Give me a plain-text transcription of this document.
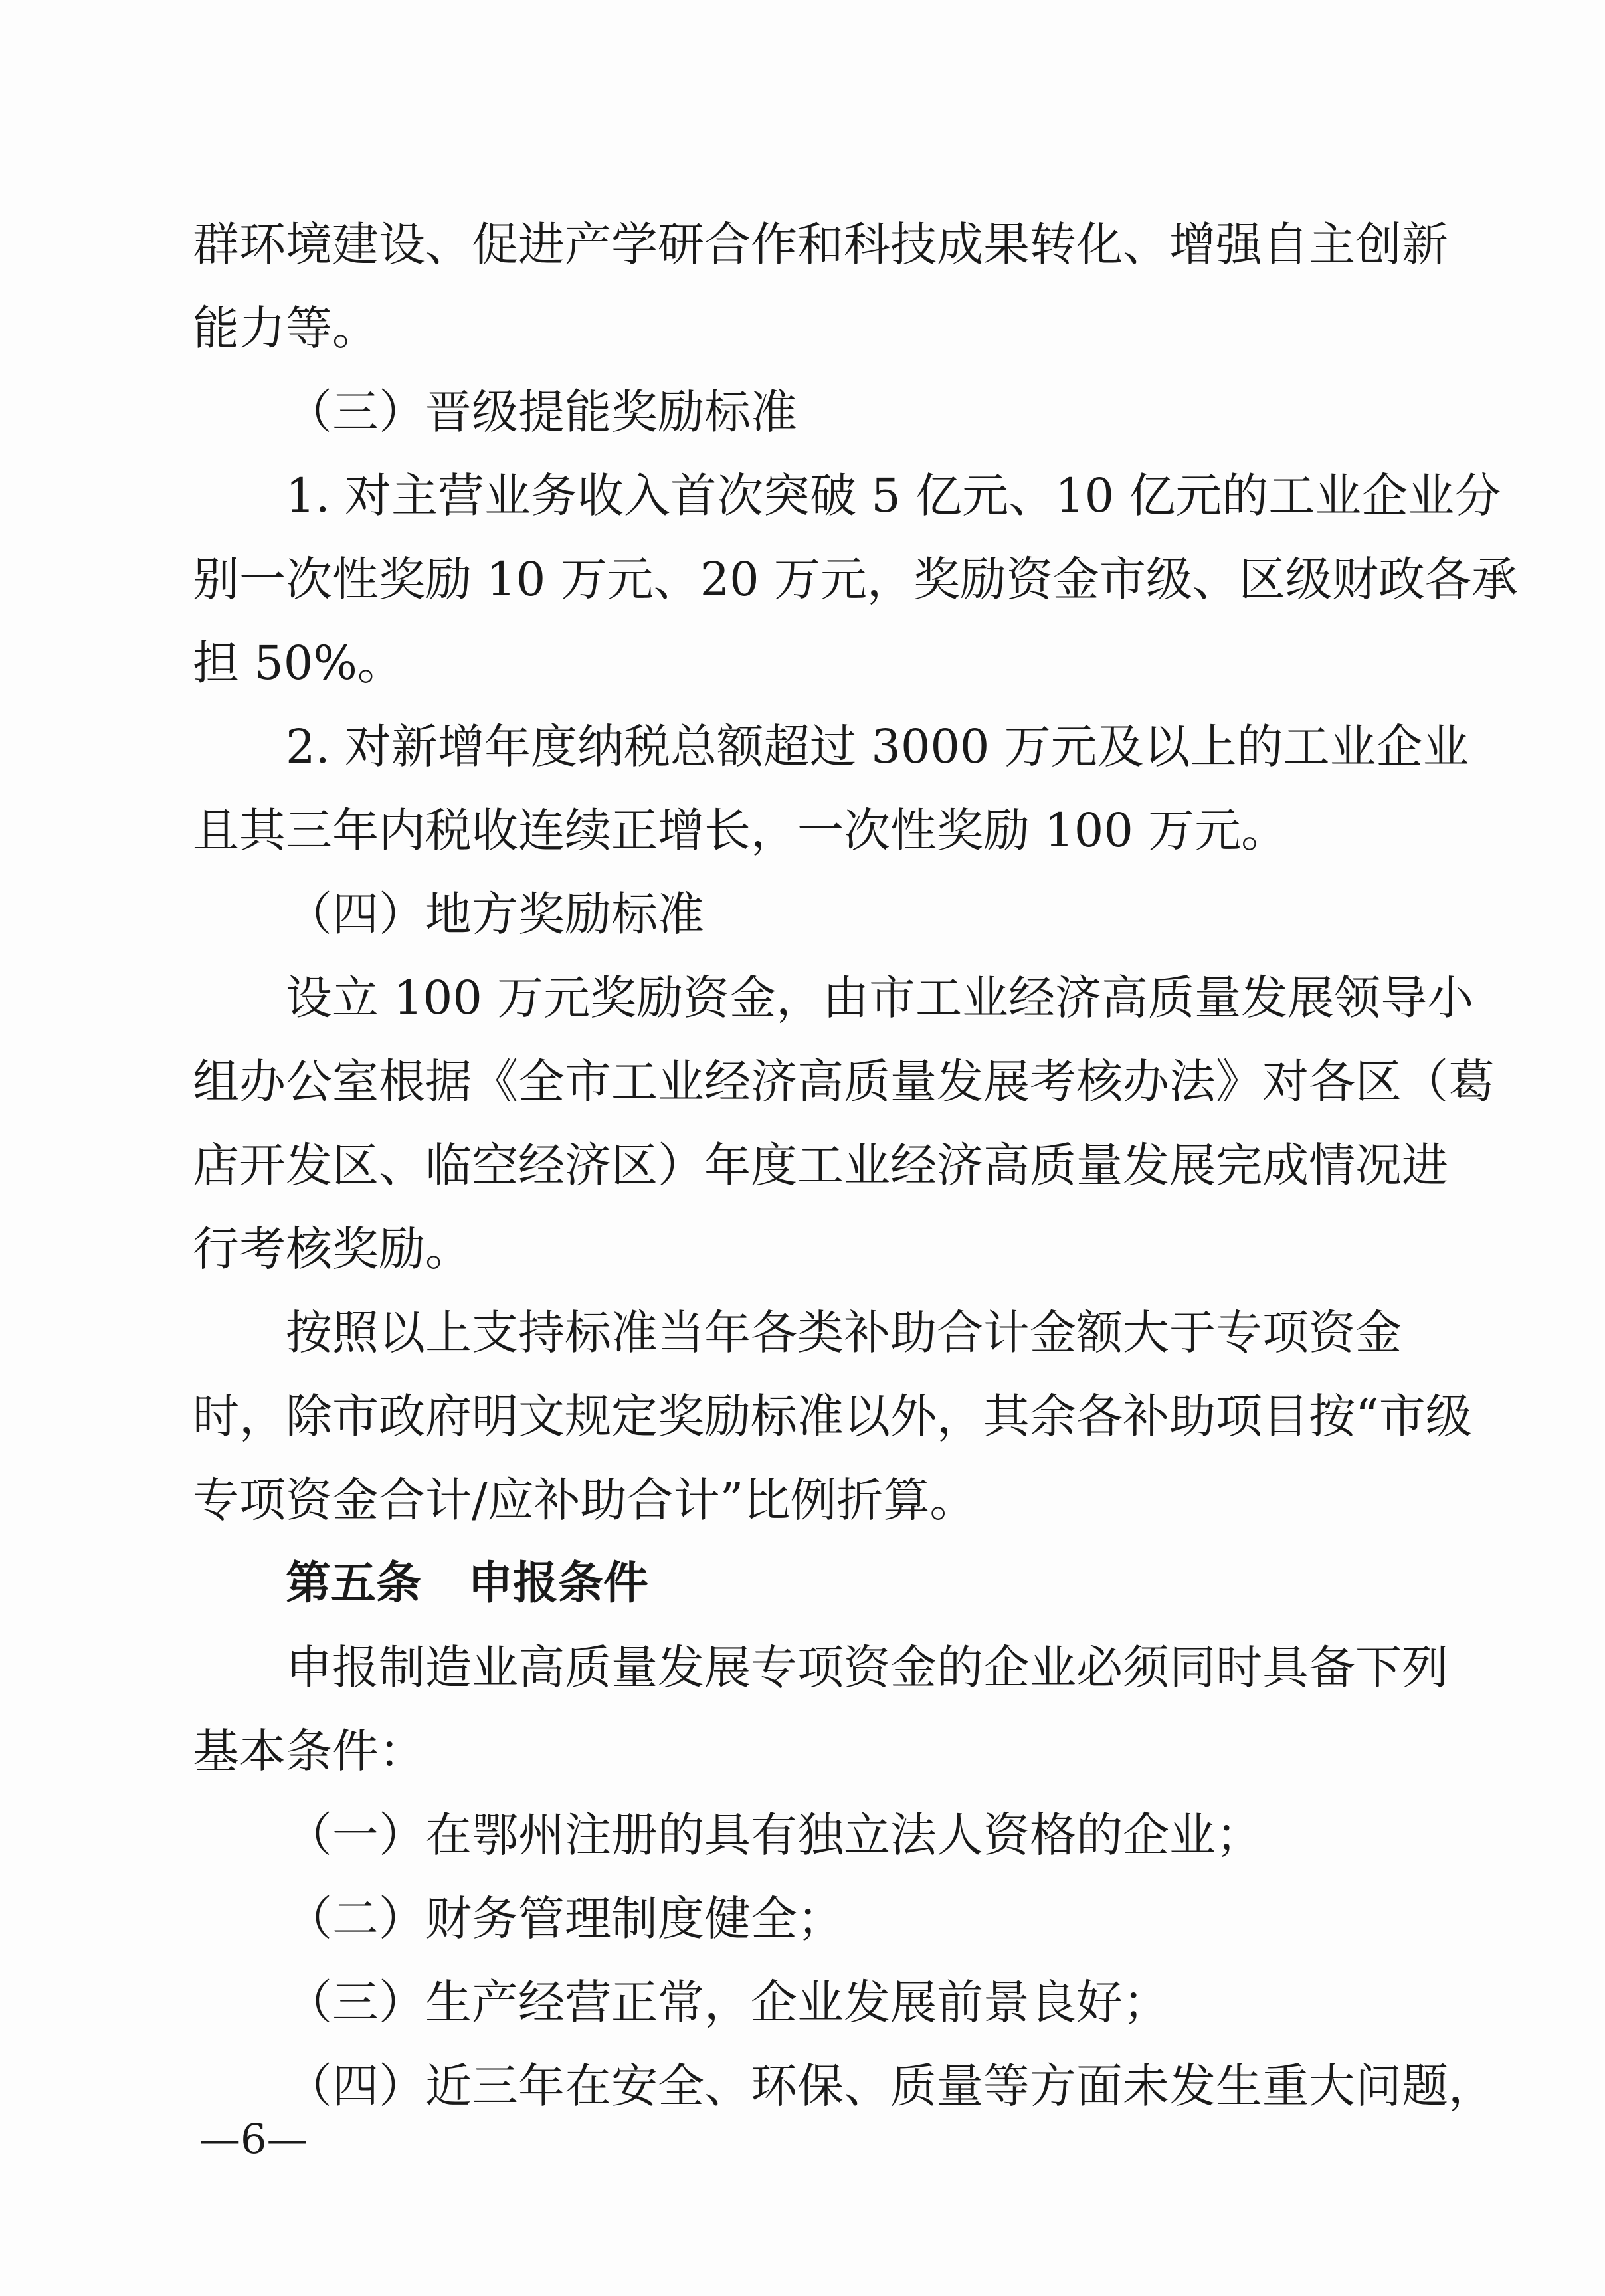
群环境建设、促进产学研合作和科技成果转化、增强自主创新
能力等。
（三）晋级提能奖励标准
1. 对主营业务收入首次突破 5 亿元、10 亿元的工业企业分
别一次性奖励 10 万元、20 万元，奖励资金市级、区级财政各承
担 50%。
2. 对新增年度纳税总额超过 3000 万元及以上的工业企业
且其三年内税收连续正增长，一次性奖励 100 万元。
（四）地方奖励标准
设立 100 万元奖励资金，由市工业经济高质量发展领导小
组办公室根据《全市工业经济高质量发展考核办法》对各区（葛
店开发区、临空经济区）年度工业经济高质量发展完成情况进
行考核奖励。
按照以上支持标准当年各类补助合计金额大于专项资金
时，除市政府明文规定奖励标准以外，其余各补助项目按“市级
专项资金合计/应补助合计”比例折算。
第五条 申报条件
申报制造业高质量发展专项资金的企业必须同时具备下列
基本条件：
（一）在鄂州注册的具有独立法人资格的企业；
（二）财务管理制度健全；
（三）生产经营正常，企业发展前景良好；
（四）近三年在安全、环保、质量等方面未发生重大问题，
—6—
